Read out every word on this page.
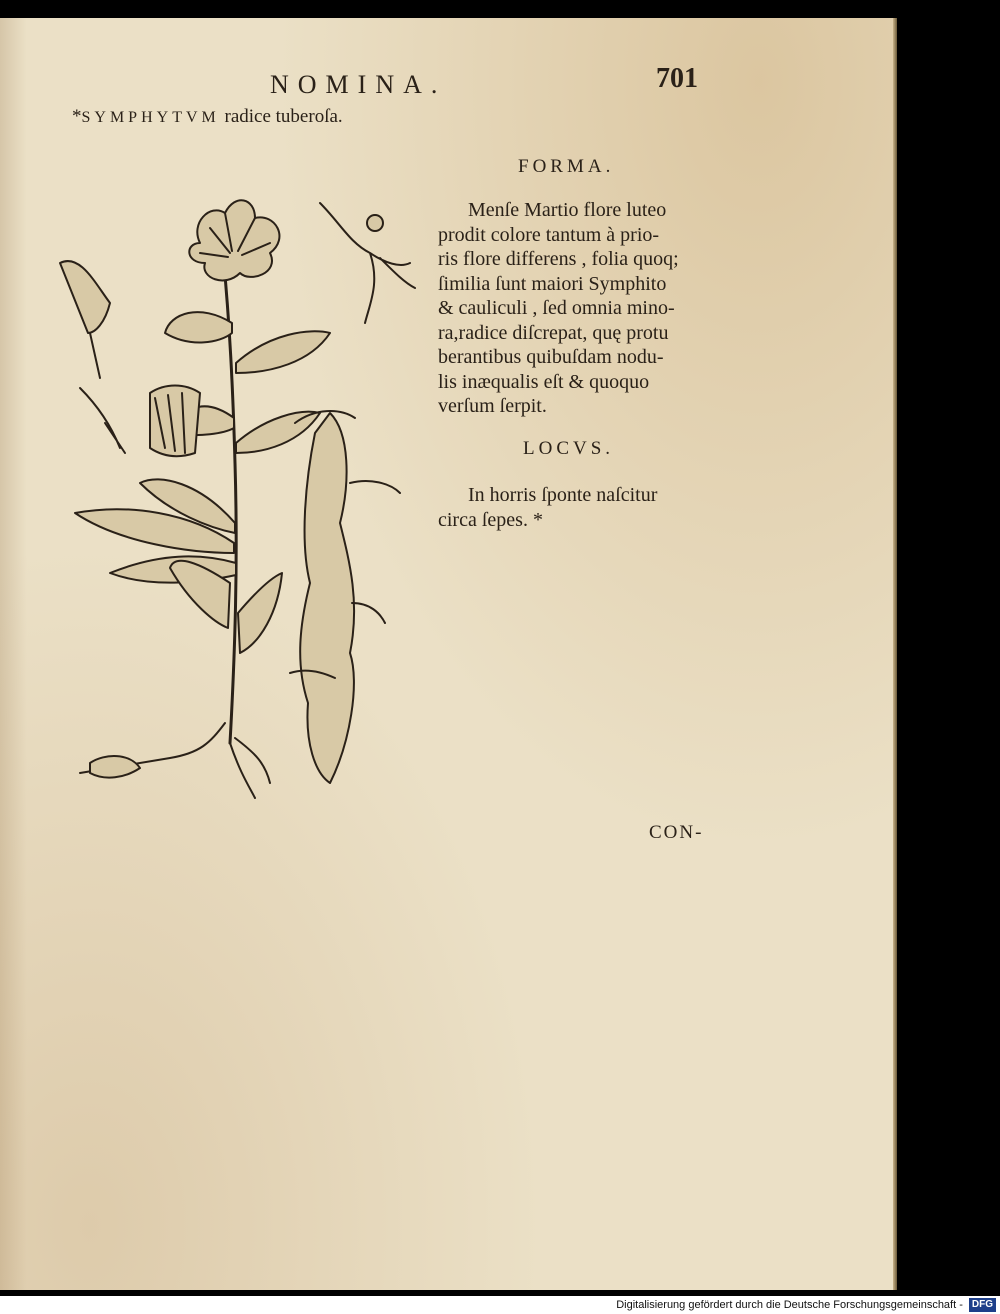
NOMINA.	701
*SYMPHYTVM radice tuberoſa.
FORMA.
Menſe Martio flore luteo
prodit colore tantum à prio-
ris flore differens , folia quoq;
ſimilia ſunt maiori Symphito
& cauliculi , ſed omnia mino-
ra,radice diſcrepat, quę protu
berantibus quibuſdam nodu-
lis inæqualis eſt & quoquo
verſum ſerpit.
LOCVS.
In horris ſponte naſcitur
circa ſepes. *
CON-
Digitalisierung gefördert durch die Deutsche Forschungsgemeinschaft - DFG
